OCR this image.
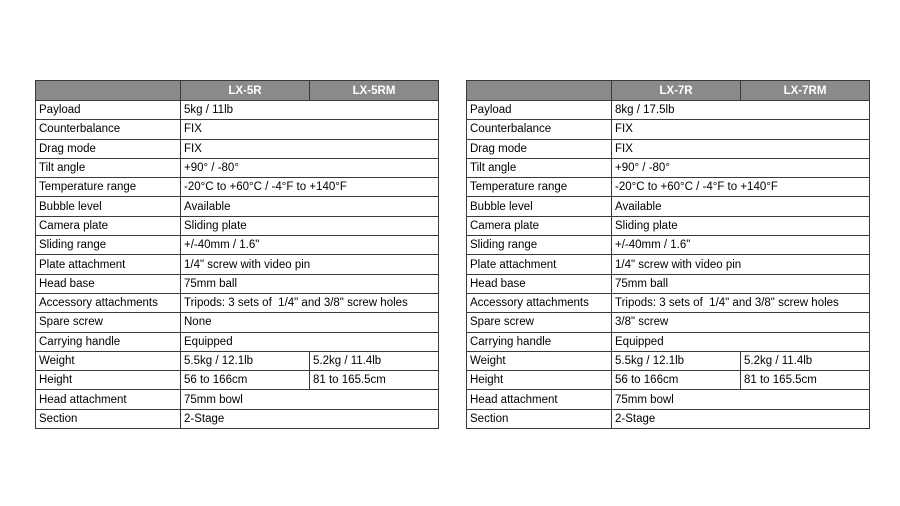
	LX-5R	LX-5RM
Payload	5kg / 11lb	
Counterbalance	FIX	
Drag mode	FIX	
Tilt angle	+90° / -80°	
Temperature range	-20°C to +60°C / -4°F to +140°F	
Bubble level	Available	
Camera plate	Sliding plate	
Sliding range	+/-40mm / 1.6"	
Plate attachment	1/4" screw with video pin	
Head base	75mm ball	
Accessory attachments	Tripods: 3 sets of  1/4" and 3/8" screw holes	
Spare screw	None	
Carrying handle	Equipped	
Weight	5.5kg / 12.1lb	5.2kg / 11.4lb
Height	56 to 166cm	81 to 165.5cm
Head attachment	75mm bowl	
Section	2-Stage	
	LX-7R	LX-7RM
Payload	8kg / 17.5lb	
Counterbalance	FIX	
Drag mode	FIX	
Tilt angle	+90° / -80°	
Temperature range	-20°C to +60°C / -4°F to +140°F	
Bubble level	Available	
Camera plate	Sliding plate	
Sliding range	+/-40mm / 1.6"	
Plate attachment	1/4" screw with video pin	
Head base	75mm ball	
Accessory attachments	Tripods: 3 sets of  1/4" and 3/8" screw holes	
Spare screw	3/8" screw	
Carrying handle	Equipped	
Weight	5.5kg / 12.1lb	5.2kg / 11.4lb
Height	56 to 166cm	81 to 165.5cm
Head attachment	75mm bowl	
Section	2-Stage	
